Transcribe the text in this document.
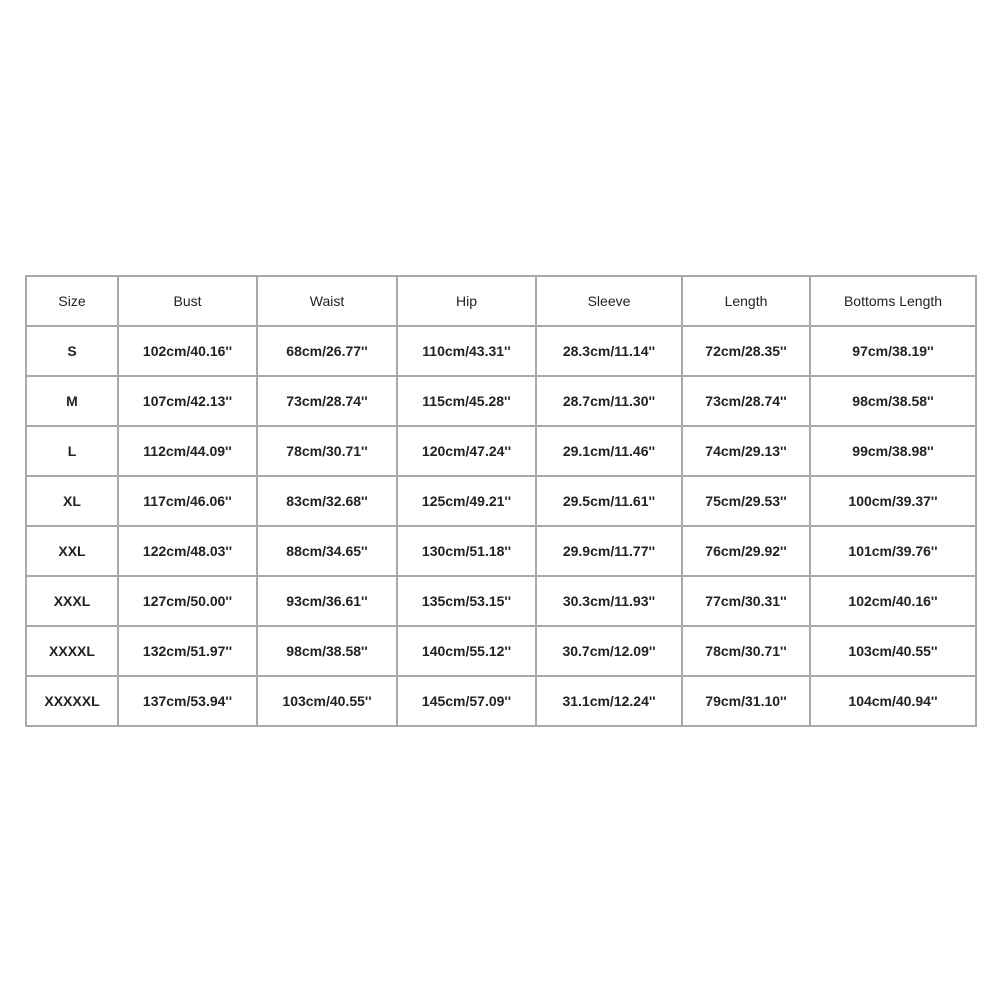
Size	Bust	Waist	Hip	Sleeve	Length	Bottoms Length
S	102cm/40.16''	68cm/26.77''	110cm/43.31''	28.3cm/11.14''	72cm/28.35''	97cm/38.19''
M	107cm/42.13''	73cm/28.74''	115cm/45.28''	28.7cm/11.30''	73cm/28.74''	98cm/38.58''
L	112cm/44.09''	78cm/30.71''	120cm/47.24''	29.1cm/11.46''	74cm/29.13''	99cm/38.98''
XL	117cm/46.06''	83cm/32.68''	125cm/49.21''	29.5cm/11.61''	75cm/29.53''	100cm/39.37''
XXL	122cm/48.03''	88cm/34.65''	130cm/51.18''	29.9cm/11.77''	76cm/29.92''	101cm/39.76''
XXXL	127cm/50.00''	93cm/36.61''	135cm/53.15''	30.3cm/11.93''	77cm/30.31''	102cm/40.16''
XXXXL	132cm/51.97''	98cm/38.58''	140cm/55.12''	30.7cm/12.09''	78cm/30.71''	103cm/40.55''
XXXXXL	137cm/53.94''	103cm/40.55''	145cm/57.09''	31.1cm/12.24''	79cm/31.10''	104cm/40.94''
